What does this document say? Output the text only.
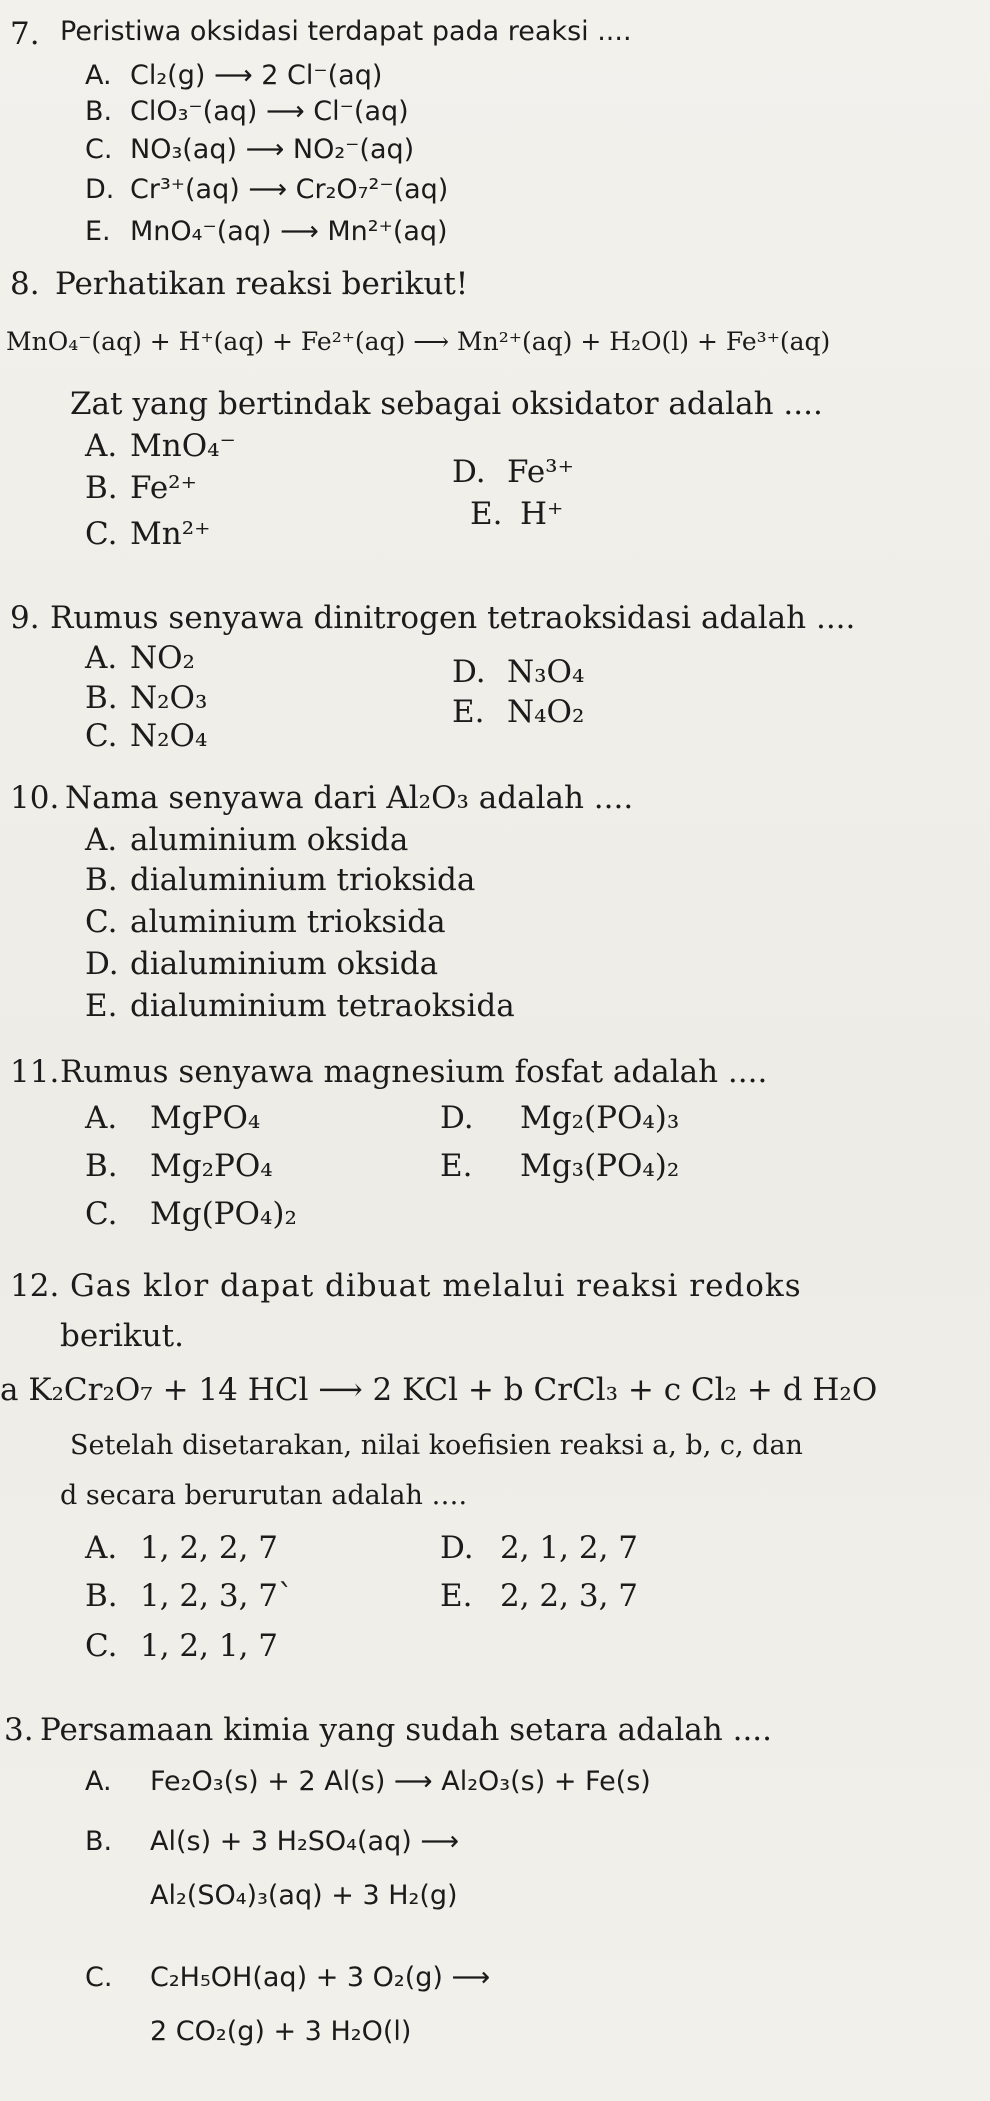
7. Peristiwa oksidasi terdapat pada reaksi ....
A. Cl₂(g) ⟶ 2 Cl⁻(aq)
B. ClO₃⁻(aq) ⟶ Cl⁻(aq)
C. NO₃(aq) ⟶ NO₂⁻(aq)
D. Cr³⁺(aq) ⟶ Cr₂O₇²⁻(aq)
E. MnO₄⁻(aq) ⟶ Mn²⁺(aq)
8. Perhatikan reaksi berikut!
MnO₄⁻(aq) + H⁺(aq) + Fe²⁺(aq) ⟶ Mn²⁺(aq) + H₂O(l) + Fe³⁺(aq)
Zat yang bertindak sebagai oksidator adalah ....
A. MnO₄⁻
B. Fe²⁺
C. Mn²⁺
D. Fe³⁺
E. H⁺
9. Rumus senyawa dinitrogen tetraoksidasi adalah ....
A. NO₂
B. N₂O₃
C. N₂O₄
D. N₃O₄
E. N₄O₂
10. Nama senyawa dari Al₂O₃ adalah ....
A. aluminium oksida
B. dialuminium trioksida
C. aluminium trioksida
D. dialuminium oksida
E. dialuminium tetraoksida
11. Rumus senyawa magnesium fosfat adalah ....
A. MgPO₄
B. Mg₂PO₄
C. Mg(PO₄)₂
D. Mg₂(PO₄)₃
E. Mg₃(PO₄)₂
12. Gas klor dapat dibuat melalui reaksi redoks
berikut.
a K₂Cr₂O₇ + 14 HCl ⟶ 2 KCl + b CrCl₃ + c Cl₂ + d H₂O
Setelah disetarakan, nilai koefisien reaksi a, b, c, dan
d secara berurutan adalah ….
A. 1, 2, 2, 7
B. 1, 2, 3, 7`
C. 1, 2, 1, 7
D. 2, 1, 2, 7
E. 2, 2, 3, 7
3. Persamaan kimia yang sudah setara adalah ....
A. Fe₂O₃(s) + 2 Al(s) ⟶ Al₂O₃(s) + Fe(s)
B. Al(s) + 3 H₂SO₄(aq) ⟶
Al₂(SO₄)₃(aq) + 3 H₂(g)
C. C₂H₅OH(aq) + 3 O₂(g) ⟶
2 CO₂(g) + 3 H₂O(l)
